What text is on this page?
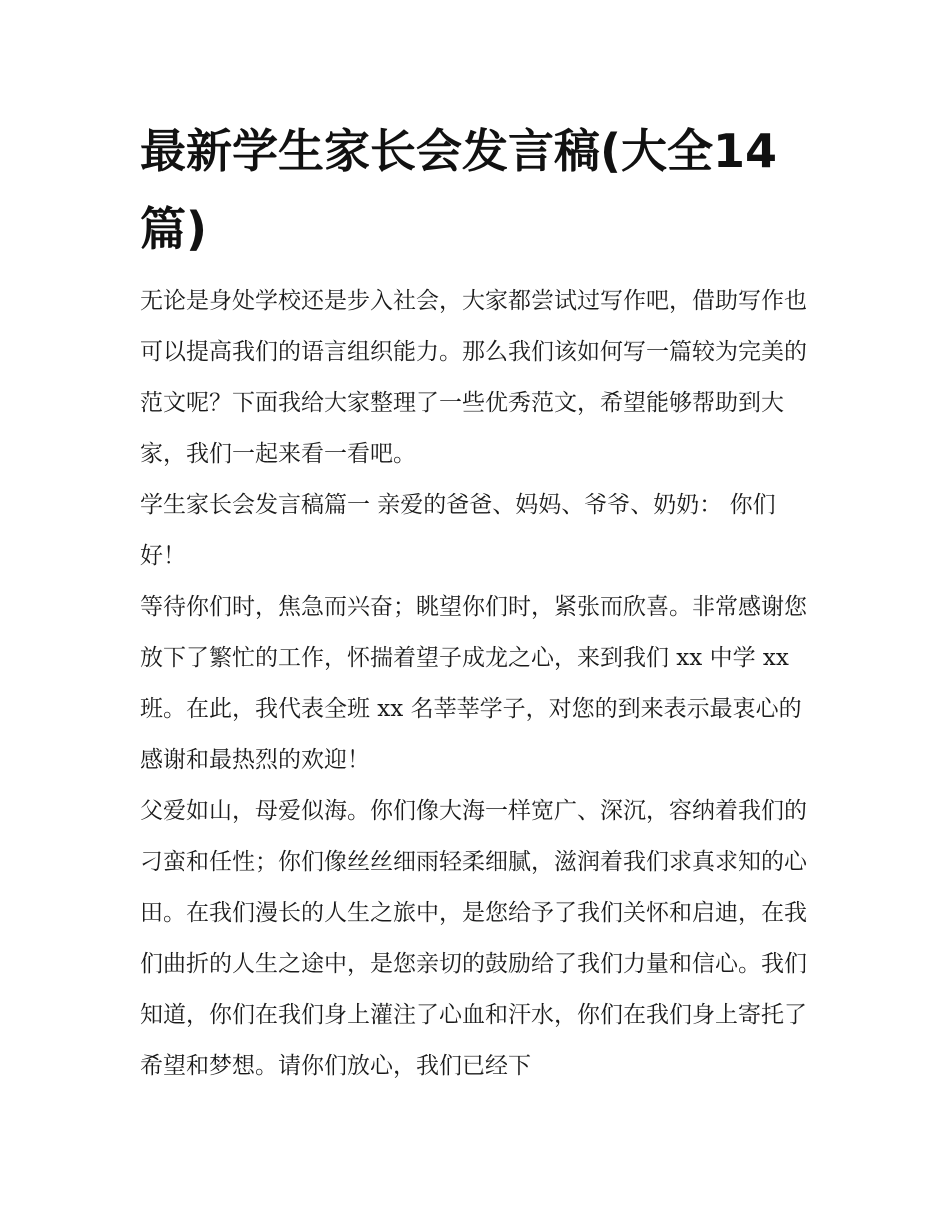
最新学生家长会发言稿(大全14篇)

无论是身处学校还是步入社会，大家都尝试过写作吧，借助写作也可以提高我们的语言组织能力。那么我们该如何写一篇较为完美的范文呢？下面我给大家整理了一些优秀范文，希望能够帮助到大家，我们一起来看一看吧。

学生家长会发言稿篇一 亲爱的爸爸、妈妈、爷爷、奶奶： 你们好！

等待你们时，焦急而兴奋；眺望你们时，紧张而欣喜。非常感谢您放下了繁忙的工作，怀揣着望子成龙之心，来到我们 xx 中学 xx 班。在此，我代表全班 xx 名莘莘学子，对您的到来表示最衷心的感谢和最热烈的欢迎！

父爱如山，母爱似海。你们像大海一样宽广、深沉，容纳着我们的刁蛮和任性；你们像丝丝细雨轻柔细腻，滋润着我们求真求知的心田。在我们漫长的人生之旅中，是您给予了我们关怀和启迪，在我们曲折的人生之途中，是您亲切的鼓励给了我们力量和信心。我们知道，你们在我们身上灌注了心血和汗水，你们在我们身上寄托了希望和梦想。请你们放心，我们已经下
